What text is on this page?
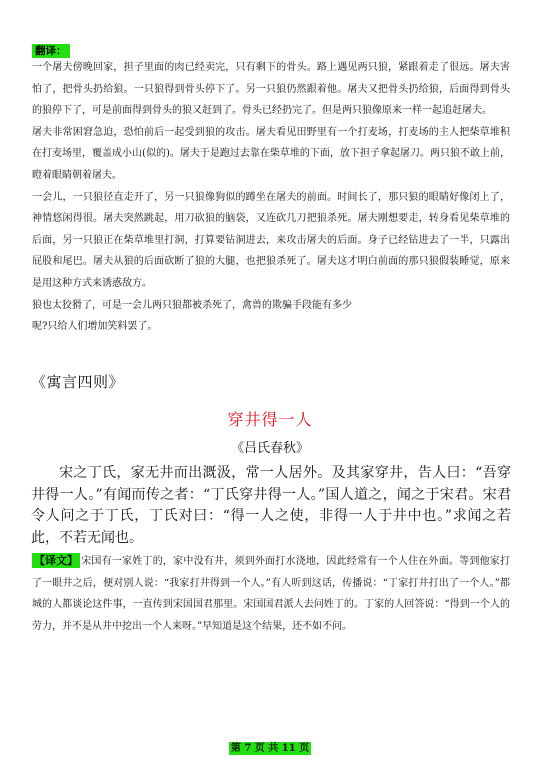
翻译：

一个屠夫傍晚回家，担子里面的肉已经卖完，只有剩下的骨头。路上遇见两只狼，紧跟着走了很远。屠夫害怕了，把骨头扔给狼。一只狼得到骨头停下了。另一只狼仍然跟着他。屠夫又把骨头扔给狼，后面得到骨头的狼停下了，可是前面得到骨头的狼又赶到了。骨头已经扔完了。但是两只狼像原来一样一起追赶屠夫。

屠夫非常困窘急迫，恐怕前后一起受到狼的攻击。屠夫看见田野里有一个打麦场，打麦场的主人把柴草堆积在打麦场里，覆盖成小山(似的)。屠夫于是跑过去靠在柴草堆的下面，放下担子拿起屠刀。两只狼不敢上前，瞪着眼睛朝着屠夫。

一会儿，一只狼径直走开了，另一只狼像狗似的蹲坐在屠夫的前面。时间长了，那只狼的眼睛好像闭上了，神情悠闲得很。屠夫突然跳起，用刀砍狼的脑袋，又连砍几刀把狼杀死。屠夫刚想要走，转身看见柴草堆的后面，另一只狼正在柴草堆里打洞，打算要钻洞进去，来攻击屠夫的后面。身子已经钻进去了一半，只露出屁股和尾巴。屠夫从狼的后面砍断了狼的大腿，也把狼杀死了。屠夫这才明白前面的那只狼假装睡觉，原来是用这种方式来诱惑敌方。

狼也太狡猾了，可是一会儿两只狼都被杀死了，禽兽的欺骗手段能有多少

呢?只给人们增加笑料罢了。

《寓言四则》
穿井得一人
《吕氏春秋》

宋之丁氏，家无井而出溉汲，常一人居外。及其家穿井，告人曰：“吾穿井得一人。”有闻而传之者：“丁氏穿井得一人。”国人道之，闻之于宋君。宋君令人问之于丁氏，丁氏对曰：“得一人之使，非得一人于井中也。”求闻之若此，不若无闻也。

【译文】 宋国有一家姓丁的，家中没有井，须到外面打水浇地，因此经常有一个人住在外面。等到他家打了一眼井之后，便对别人说：“我家打井得到一个人。”有人听到这话，传播说：“丁家打井打出了一个人。”都城的人都谈论这件事，一直传到宋国国君那里。宋国国君派人去问姓丁的。丁家的人回答说：“得到一个人的劳力，并不是从井中挖出一个人来呀。”早知道是这个结果，还不如不问。

第 7 页 共 11 页
